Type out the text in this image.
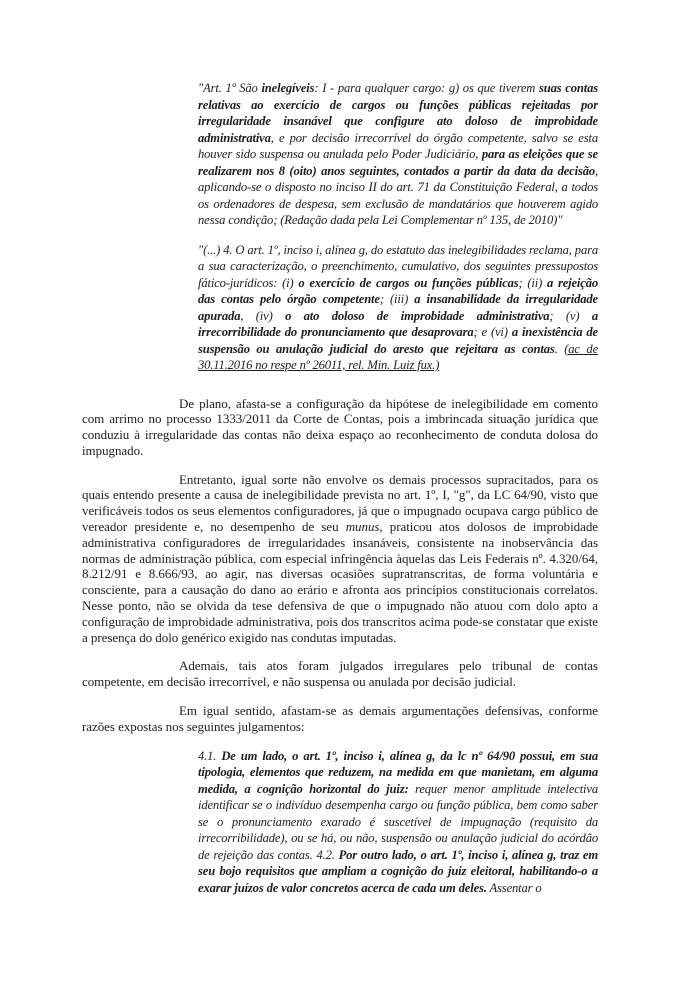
"Art. 1º São inelegíveis: I - para qualquer cargo: g) os que tiverem suas contas relativas ao exercício de cargos ou funções públicas rejeitadas por irregularidade insanável que configure ato doloso de improbidade administrativa, e por decisão irrecorrível do órgão competente, salvo se esta houver sido suspensa ou anulada pelo Poder Judiciário, para as eleições que se realizarem nos 8 (oito) anos seguintes, contados a partir da data da decisão, aplicando-se o disposto no inciso II do art. 71 da Constituição Federal, a todos os ordenadores de despesa, sem exclusão de mandatários que houverem agido nessa condição; (Redação dada pela Lei Complementar nº 135, de 2010)"
"(...) 4. O art. 1º, inciso i, alínea g, do estatuto das inelegibilidades reclama, para a sua caracterização, o preenchimento, cumulativo, dos seguintes pressupostos fático-jurídicos: (i) o exercício de cargos ou funções públicas; (ii) a rejeição das contas pelo órgão competente; (iii) a insanabilidade da irregularidade apurada, (iv) o ato doloso de improbidade administrativa; (v) a irrecorribilidade do pronunciamento que desaprovara; e (vi) a inexistência de suspensão ou anulação judicial do aresto que rejeitara as contas. (ac de 30.11.2016 no respe nº 26011, rel. Min. Luiz fux.)
De plano, afasta-se a configuração da hipótese de inelegibilidade em comento com arrimo no processo 1333/2011 da Corte de Contas, pois a imbrincada situação jurídica que conduziu à irregularidade das contas não deixa espaço ao reconhecimento de conduta dolosa do impugnado.
Entretanto, igual sorte não envolve os demais processos supracitados, para os quais entendo presente a causa de inelegibilidade prevista no art. 1º, I, "g", da LC 64/90, visto que verificáveis todos os seus elementos configuradores, já que o impugnado ocupava cargo público de vereador presidente e, no desempenho de seu munus, praticou atos dolosos de improbidade administrativa configuradores de irregularidades insanáveis, consistente na inobservância das normas de administração pública, com especial infringência àquelas das Leis Federais nº. 4.320/64, 8.212/91 e 8.666/93, ao agir, nas diversas ocasiões supratranscritas, de forma voluntária e consciente, para a causação do dano ao erário e afronta aos princípios constitucionais correlatos. Nesse ponto, não se olvida da tese defensiva de que o impugnado não atuou com dolo apto a configuração de improbidade administrativa, pois dos transcritos acima pode-se constatar que existe a presença do dolo genérico exigido nas condutas imputadas.
Ademais, tais atos foram julgados irregulares pelo tribunal de contas competente, em decisão irrecorrível, e não suspensa ou anulada por decisão judicial.
Em igual sentido, afastam-se as demais argumentações defensivas, conforme razões expostas nos seguintes julgamentos:
4.1. De um lado, o art. 1º, inciso i, alínea g, da lc nº 64/90 possui, em sua tipologia, elementos que reduzem, na medida em que manietam, em alguma medida, a cognição horizontal do juiz: requer menor amplitude intelectiva identificar se o indivíduo desempenha cargo ou função pública, bem como saber se o pronunciamento exarado é suscetível de impugnação (requisito da irrecorribilidade), ou se há, ou não, suspensão ou anulação judicial do acórdão de rejeição das contas. 4.2. Por outro lado, o art. 1º, inciso i, alínea g, traz em seu bojo requisitos que ampliam a cognição do juiz eleitoral, habilitando-o a exarar juízos de valor concretos acerca de cada um deles. Assentar o
